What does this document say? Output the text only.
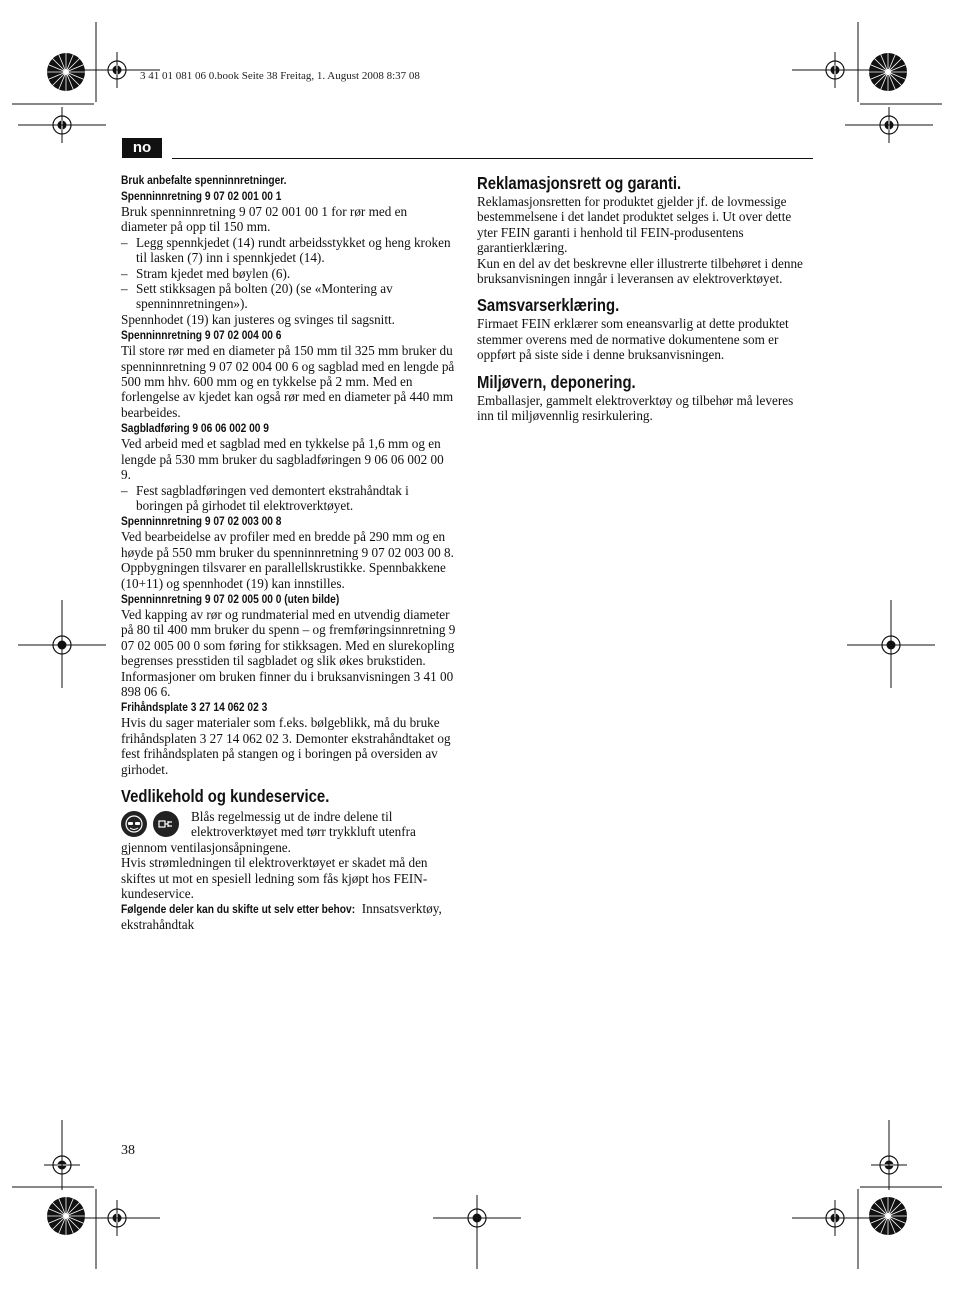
3 41 01 081 06 0.book Seite 38 Freitag, 1. August 2008 8:37 08
no
Bruk anbefalte spenninnretninger.
Spenninnretning 9 07 02 001 00 1

Bruk spenninnretning 9 07 02 001 00 1 for rør med en diameter på opp til 150 mm.

– Legg spennkjedet (14) rundt arbeidsstykket og heng kroken til lasken (7) inn i spennkjedet (14).
– Stram kjedet med bøylen (6).
– Sett stikksagen på bolten (20) (se «Montering av spenninnretningen»).

Spennhodet (19) kan justeres og svinges til sagsnitt.

Spenninnretning 9 07 02 004 00 6

Til store rør med en diameter på 150 mm til 325 mm bruker du spenninnretning 9 07 02 004 00 6 og sagblad med en lengde på 500 mm hhv. 600 mm og en tykkelse på 2 mm. Med en forlengelse av kjedet kan også rør med en diameter på 440 mm bearbeides.

Sagbladføring 9 06 06 002 00 9

Ved arbeid med et sagblad med en tykkelse på 1,6 mm og en lengde på 530 mm bruker du sagbladføringen 9 06 06 002 00 9.

– Fest sagbladføringen ved demontert ekstrahåndtak i boringen på girhodet til elektroverktøyet.
Spenninnretning 9 07 02 003 00 8

Ved bearbeidelse av profiler med en bredde på 290 mm og en høyde på 550 mm bruker du spenninnretning 9 07 02 003 00 8. Oppbygningen tilsvarer en parallellskrustikke. Spennbakkene (10+11) og spennhodet (19) kan innstilles.

Spenninnretning 9 07 02 005 00 0 (uten bilde)

Ved kapping av rør og rundmaterial med en utvendig diameter på 80 til 400 mm bruker du spenn – og fremføringsinnretning 9 07 02 005 00 0 som føring for stikksagen. Med en slurekopling begrenses presstiden til sagbladet og slik økes brukstiden. Informasjoner om bruken finner du i bruksanvisningen 3 41 00 898 06 6.

Frihåndsplate 3 27 14 062 02 3

Hvis du sager materialer som f.eks. bølgeblikk, må du bruke frihåndsplaten 3 27 14 062 02 3. Demonter ekstrahåndtaket og fest frihåndsplaten på stangen og i boringen på oversiden av girhodet.

Vedlikehold og kundeservice.

Blås regelmessig ut de indre delene til elektroverktøyet med tørr trykkluft utenfra gjennom ventilasjonsåpningene.

Hvis strømledningen til elektroverktøyet er skadet må den skiftes ut mot en spesiell ledning som fås kjøpt hos FEIN-kundeservice.

Følgende deler kan du skifte ut selv etter behov: Innsatsverktøy, ekstrahåndtak

Reklamasjonsrett og garanti.

Reklamasjonsretten for produktet gjelder jf. de lovmessige bestemmelsene i det landet produktet selges i. Ut over dette yter FEIN garanti i henhold til FEIN-produsentens garantierklæring.

Kun en del av det beskrevne eller illustrerte tilbehøret i denne bruksanvisningen inngår i leveransen av elektroverktøyet.

Samsvarserklæring.

Firmaet FEIN erklærer som eneansvarlig at dette produktet stemmer overens med de normative dokumentene som er oppført på siste side i denne bruksanvisningen.

Miljøvern, deponering.

Emballasjer, gammelt elektroverktøy og tilbehør må leveres inn til miljøvennlig resirkulering.

38
